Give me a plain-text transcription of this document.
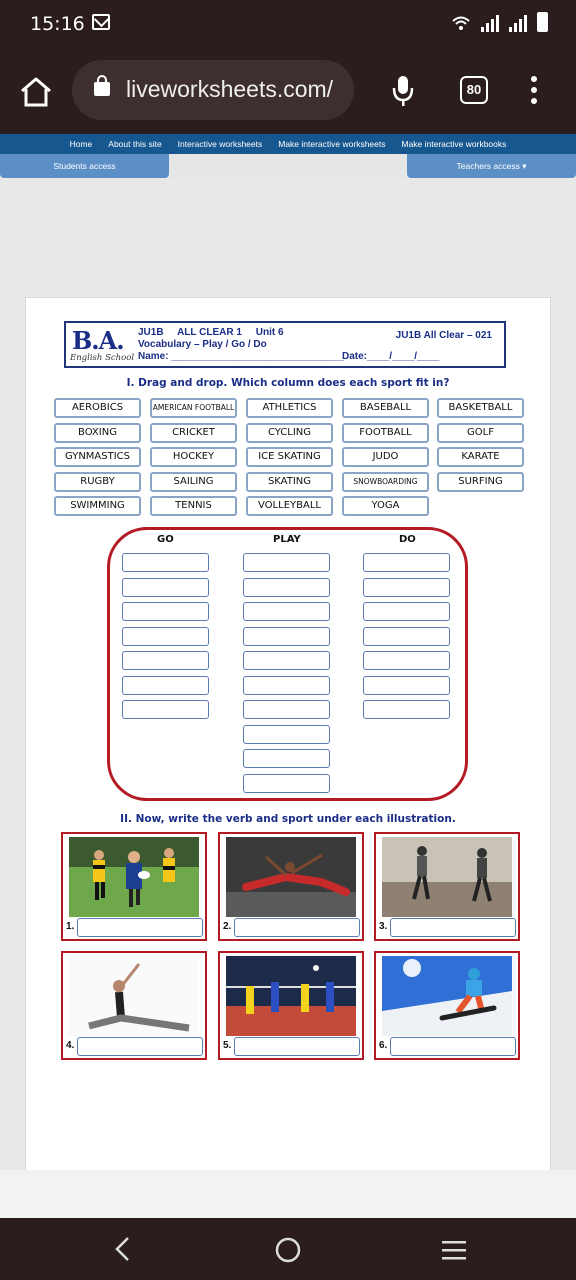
15:16
liveworksheets.com/	80
Home	About this site	Interactive worksheets	Make interactive worksheets	Make interactive workbooks
Students access	Teachers access ▾
B.A.
English School
JU1B     ALL CLEAR 1     Unit 6
Vocabulary – Play / Go / Do
Name: _______________________________
Date:____/____/____
JU1B All Clear – 021
I. Drag and drop. Which column does each sport fit in?
AEROBICS	AMERICAN FOOTBALL	ATHLETICS	BASEBALL	BASKETBALL
BOXING	CRICKET	CYCLING	FOOTBALL	GOLF
GYNMASTICS	HOCKEY	ICE SKATING	JUDO	KARATE
RUGBY	SAILING	SKATING	SNOWBOARDING	SURFING
SWIMMING	TENNIS	VOLLEYBALL	YOGA
GO	PLAY	DO
II. Now, write the verb and sport under each illustration.
1.	2.	3.
4.	5.	6.
